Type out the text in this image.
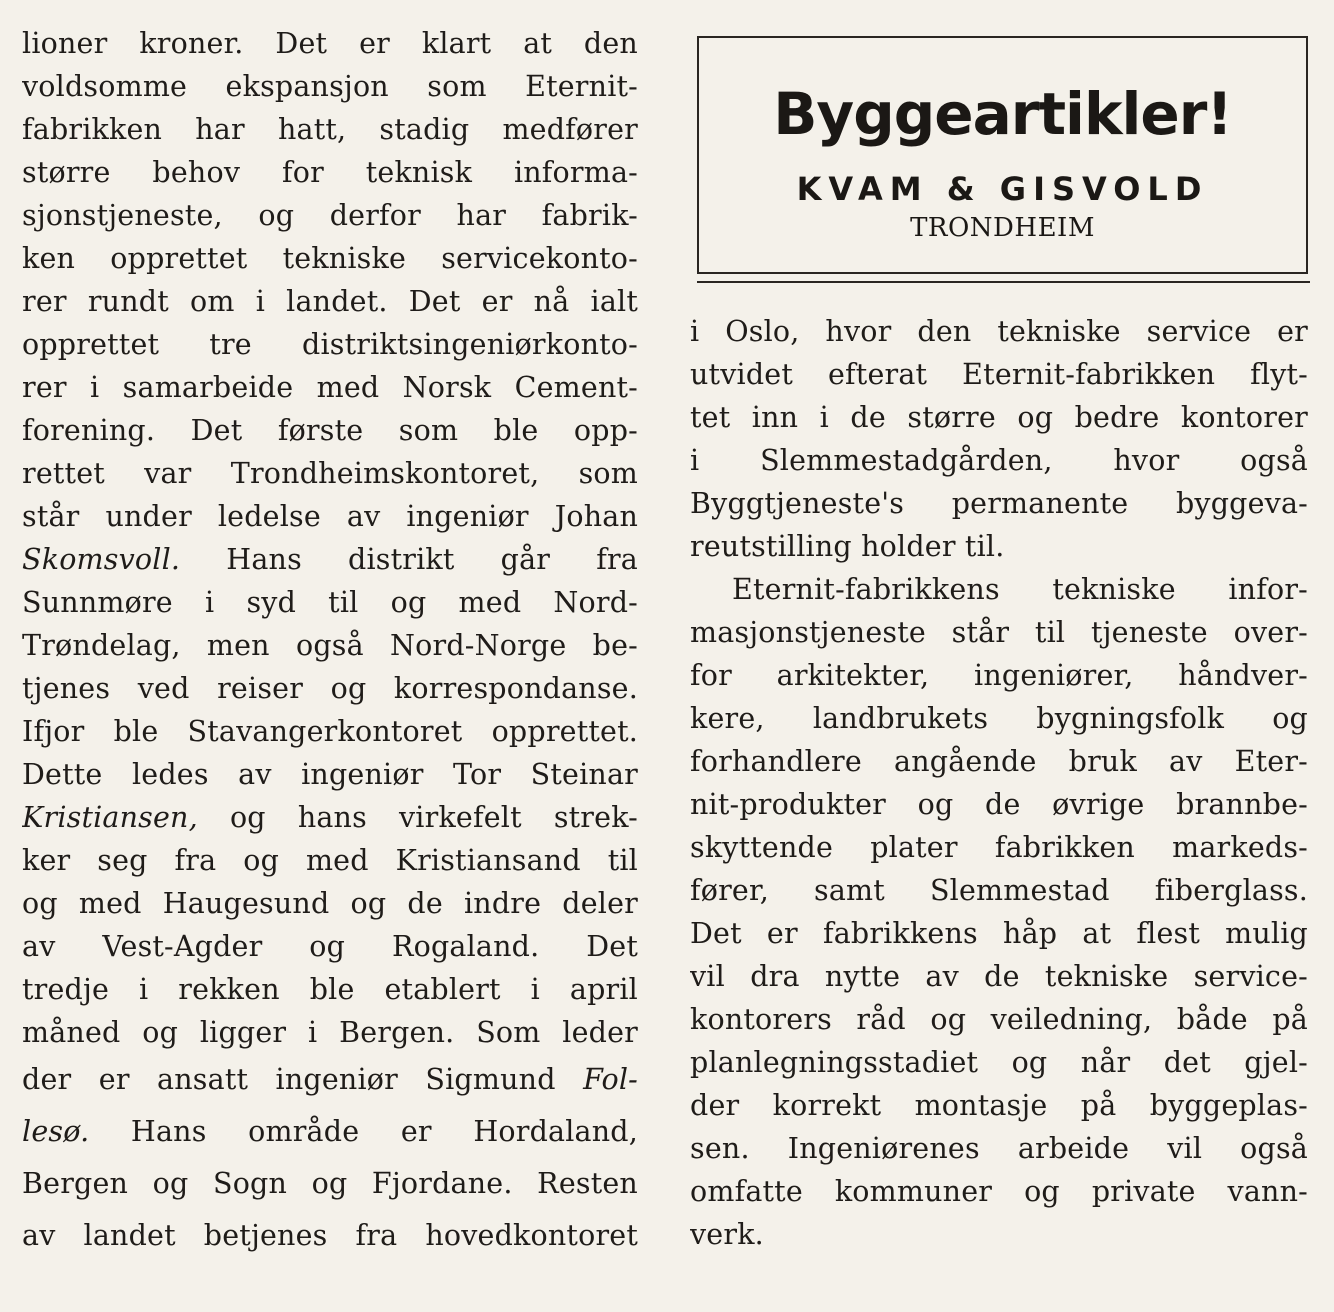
lioner kroner. Det er klart at den
voldsomme ekspansjon som Eternit-
fabrikken har hatt, stadig medfører
større behov for teknisk informa-
sjonstjeneste, og derfor har fabrik-
ken opprettet tekniske servicekonto-
rer rundt om i landet. Det er nå ialt
opprettet tre distriktsingeniørkonto-
rer i samarbeide med Norsk Cement-
forening. Det første som ble opp-
rettet var Trondheimskontoret, som
står under ledelse av ingeniør Johan
Skomsvoll. Hans distrikt går fra
Sunnmøre i syd til og med Nord-
Trøndelag, men også Nord-Norge be-
tjenes ved reiser og korrespondanse.
Ifjor ble Stavangerkontoret opprettet.
Dette ledes av ingeniør Tor Steinar
Kristiansen, og hans virkefelt strek-
ker seg fra og med Kristiansand til
og med Haugesund og de indre deler
av Vest-Agder og Rogaland. Det
tredje i rekken ble etablert i april
måned og ligger i Bergen. Som leder
der er ansatt ingeniør Sigmund Fol-
lesø. Hans område er Hordaland,
Bergen og Sogn og Fjordane. Resten
av landet betjenes fra hovedkontoret
Byggeartikler!
KVAM & GISVOLD
TRONDHEIM
i Oslo, hvor den tekniske service er
utvidet efterat Eternit-fabrikken flyt-
tet inn i de større og bedre kontorer
i Slemmestadgården, hvor også
Byggtjeneste's permanente byggeva-
reutstilling holder til.
Eternit-fabrikkens tekniske infor-
masjonstjeneste står til tjeneste over-
for arkitekter, ingeniører, håndver-
kere, landbrukets bygningsfolk og
forhandlere angående bruk av Eter-
nit-produkter og de øvrige brannbe-
skyttende plater fabrikken markeds-
fører, samt Slemmestad fiberglass.
Det er fabrikkens håp at flest mulig
vil dra nytte av de tekniske service-
kontorers råd og veiledning, både på
planlegningsstadiet og når det gjel-
der korrekt montasje på byggeplas-
sen. Ingeniørenes arbeide vil også
omfatte kommuner og private vann-
verk.
